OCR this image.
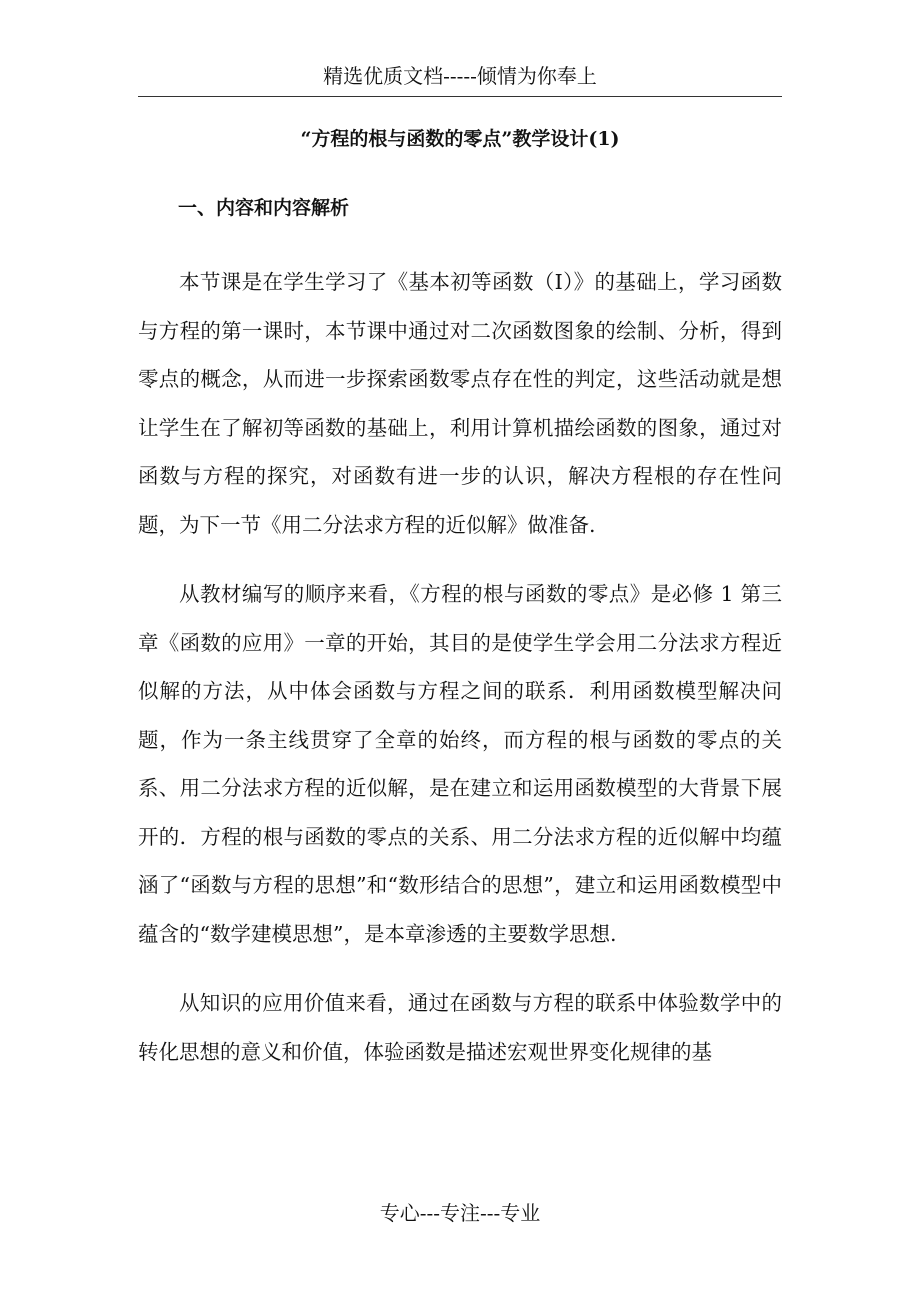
精选优质文档-----倾情为你奉上
“方程的根与函数的零点”教学设计(1)
一、内容和内容解析

本节课是在学生学习了《基本初等函数（Ⅰ）》的基础上，学习函数与方程的第一课时，本节课中通过对二次函数图象的绘制、分析，得到零点的概念，从而进一步探索函数零点存在性的判定，这些活动就是想让学生在了解初等函数的基础上，利用计算机描绘函数的图象，通过对函数与方程的探究，对函数有进一步的认识，解决方程根的存在性问题，为下一节《用二分法求方程的近似解》做准备.

从教材编写的顺序来看，《方程的根与函数的零点》是必修 1 第三章《函数的应用》一章的开始，其目的是使学生学会用二分法求方程近似解的方法，从中体会函数与方程之间的联系．利用函数模型解决问题，作为一条主线贯穿了全章的始终，而方程的根与函数的零点的关系、用二分法求方程的近似解，是在建立和运用函数模型的大背景下展开的．方程的根与函数的零点的关系、用二分法求方程的近似解中均蕴涵了“函数与方程的思想”和“数形结合的思想”，建立和运用函数模型中蕴含的“数学建模思想”，是本章渗透的主要数学思想.

从知识的应用价值来看，通过在函数与方程的联系中体验数学中的转化思想的意义和价值，体验函数是描述宏观世界变化规律的基

专心---专注---专业
